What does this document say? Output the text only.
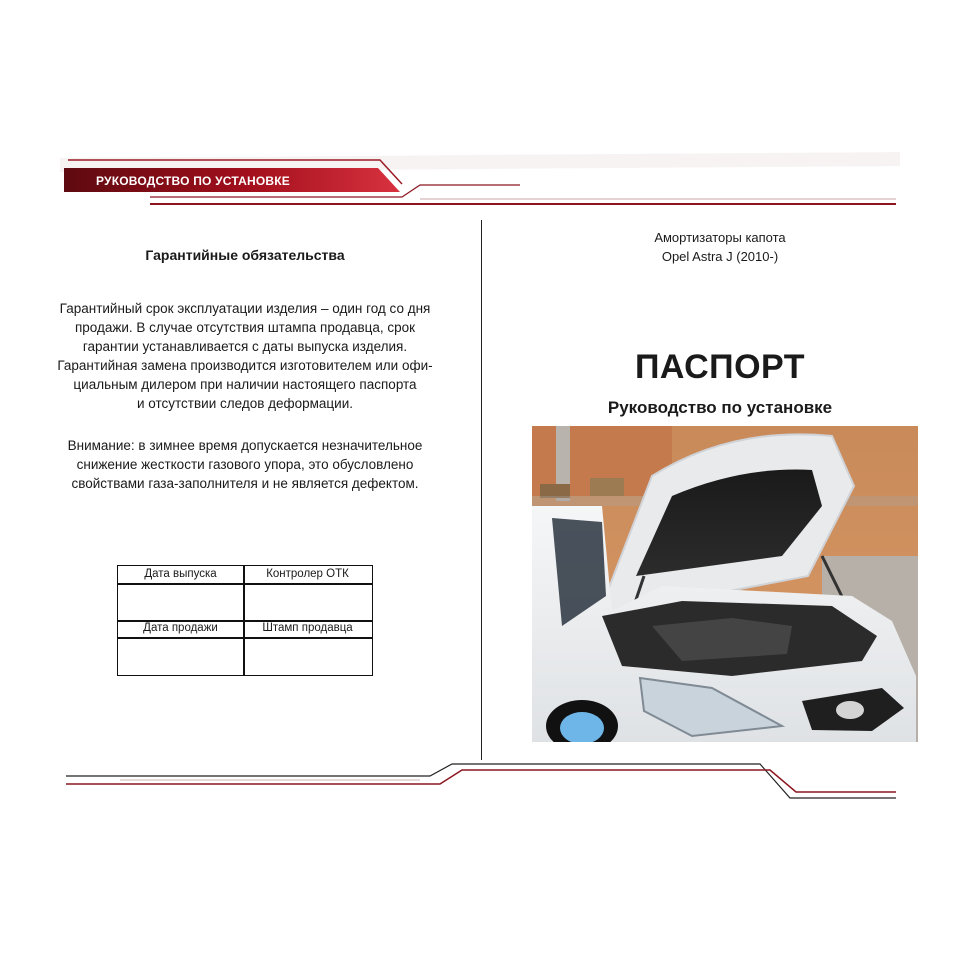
РУКОВОДСТВО ПО УСТАНОВКЕ
Гарантийные обязательства

Гарантийный срок эксплуатации изделия – один год со дня
продажи. В случае отсутствия штампа продавца, срок
гарантии устанавливается с даты выпуска изделия.
Гарантийная замена производится изготовителем или офи-
циальным дилером при наличии настоящего паспорта
и отсутствии следов деформации.

Внимание: в зимнее время допускается незначительное
снижение жесткости газового упора, это обусловлено
свойствами газа-заполнителя и не является дефектом.

Дата выпуска	Контролер ОТК
Дата продажи	Штамп продавца
Амортизаторы капота
Opel Astra J (2010-)
ПАСПОРТ
Руководство по установке
